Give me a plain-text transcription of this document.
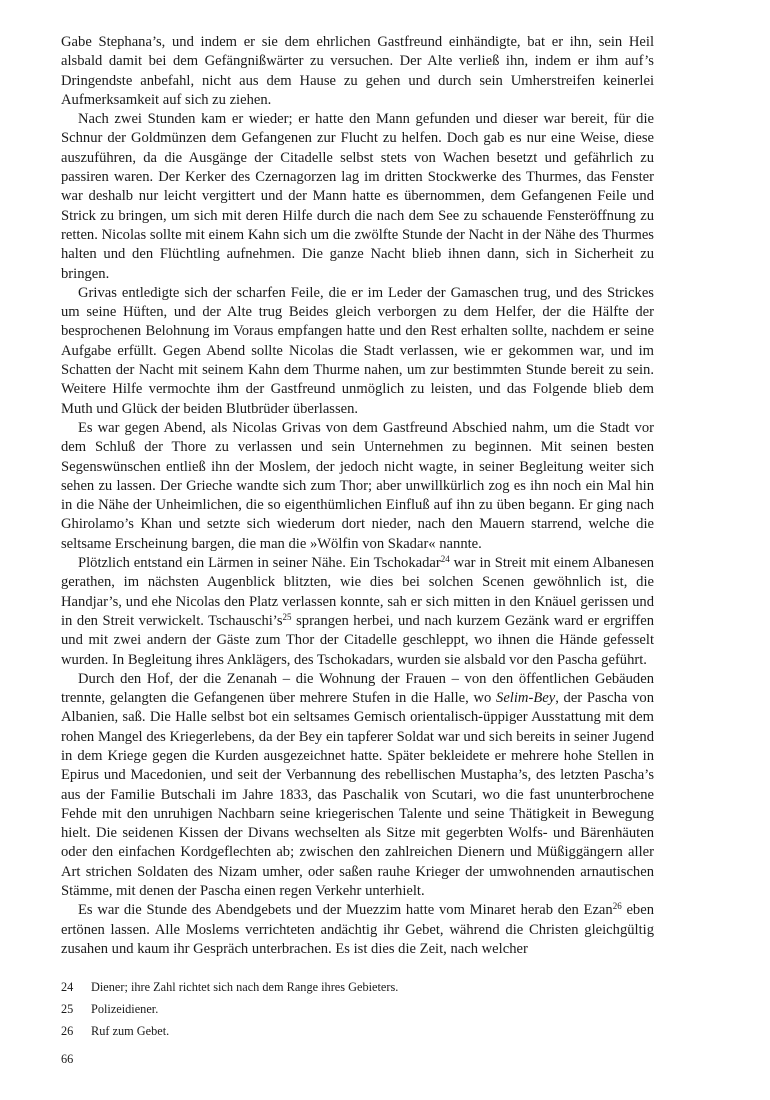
Gabe Stephana’s, und indem er sie dem ehrlichen Gastfreund einhändigte, bat er ihn, sein Heil alsbald damit bei dem Gefängnißwärter zu versuchen. Der Alte verließ ihn, indem er ihm auf’s Dringendste anbefahl, nicht aus dem Hause zu gehen und durch sein Umherstreifen keinerlei Aufmerksamkeit auf sich zu ziehen.

Nach zwei Stunden kam er wieder; er hatte den Mann gefunden und dieser war bereit, für die Schnur der Goldmünzen dem Gefangenen zur Flucht zu helfen. Doch gab es nur eine Weise, diese auszuführen, da die Ausgänge der Citadelle selbst stets von Wachen besetzt und gefährlich zu passiren waren. Der Kerker des Czernagorzen lag im dritten Stockwerke des Thurmes, das Fenster war deshalb nur leicht vergittert und der Mann hatte es übernommen, dem Gefangenen Feile und Strick zu bringen, um sich mit deren Hilfe durch die nach dem See zu schauende Fensteröffnung zu retten. Nicolas sollte mit einem Kahn sich um die zwölfte Stunde der Nacht in der Nähe des Thurmes halten und den Flüchtling aufnehmen. Die ganze Nacht blieb ihnen dann, sich in Sicherheit zu bringen.

Grivas entledigte sich der scharfen Feile, die er im Leder der Gamaschen trug, und des Strickes um seine Hüften, und der Alte trug Beides gleich verborgen zu dem Helfer, der die Hälfte der besprochenen Belohnung im Voraus empfangen hatte und den Rest erhalten sollte, nachdem er seine Aufgabe erfüllt. Gegen Abend sollte Nicolas die Stadt verlassen, wie er gekommen war, und im Schatten der Nacht mit seinem Kahn dem Thurme nahen, um zur bestimmten Stunde bereit zu sein. Weitere Hilfe vermochte ihm der Gastfreund unmöglich zu leisten, und das Folgende blieb dem Muth und Glück der beiden Blutbrüder überlassen.

Es war gegen Abend, als Nicolas Grivas von dem Gastfreund Abschied nahm, um die Stadt vor dem Schluß der Thore zu verlassen und sein Unternehmen zu beginnen. Mit seinen besten Segenswünschen entließ ihn der Moslem, der jedoch nicht wagte, in seiner Begleitung weiter sich sehen zu lassen. Der Grieche wandte sich zum Thor; aber unwillkürlich zog es ihn noch ein Mal hin in die Nähe der Unheimlichen, die so eigenthümlichen Einfluß auf ihn zu üben begann. Er ging nach Ghirolamo’s Khan und setzte sich wiederum dort nieder, nach den Mauern starrend, welche die seltsame Erscheinung bargen, die man die »Wölfin von Skadar« nannte.

Plötzlich entstand ein Lärmen in seiner Nähe. Ein Tschokadar$^{24}$ war in Streit mit einem Albanesen gerathen, im nächsten Augenblick blitzten, wie dies bei solchen Scenen gewöhnlich ist, die Handjar’s, und ehe Nicolas den Platz verlassen konnte, sah er sich mitten in den Knäuel gerissen und in den Streit verwickelt. $Tschauschi’s^{25}$ sprangen herbei, und nach kurzem Gezänk ward er ergriffen und mit zwei andern der Gäste zum Thor der Citadelle geschleppt, wo ihnen die Hände gefesselt wurden. In Begleitung ihres Anklägers, des Tschokadars, wurden sie alsbald vor den Pascha geführt.

Durch den Hof, der die Zenanah – die Wohnung der Frauen – von den öffentlichen Gebäuden trennte, gelangten die Gefangenen über mehrere Stufen in die Halle, wo Selim-Bey, der Pascha von Albanien, saß. Die Halle selbst bot ein seltsames Gemisch orientalisch-üppiger Ausstattung mit dem rohen Mangel des Kriegerlebens, da der Bey ein tapferer Soldat war und sich bereits in seiner Jugend in dem Kriege gegen die Kurden ausgezeichnet hatte. Später bekleidete er mehrere hohe Stellen in Epirus und Macedonien, und seit der Verbannung des rebellischen Mustapha’s, des letzten Pascha’s aus der Familie Butschali im Jahre 1833, das Paschalik von Scutari, wo die fast ununterbrochene Fehde mit den unruhigen Nachbarn seine kriegerischen Talente und seine Thätigkeit in Bewegung hielt. Die seidenen Kissen der Divans wechselten als Sitze mit gegerbten Wolfs- und Bärenhäuten oder den einfachen Kordgeflechten ab; zwischen den zahlreichen Dienern und Müßiggängern aller Art strichen Soldaten des Nizam umher, oder saßen rauhe Krieger der umwohnenden arnautischen Stämme, mit denen der Pascha einen regen Verkehr unterhielt.

Es war die Stunde des Abendgebets und der Muezzim hatte vom Minaret herab den Ezan$^{26}$ eben ertönen lassen. Alle Moslems verrichteten andächtig ihr Gebet, während die Christen gleichgültig zusahen und kaum ihr Gespräch unterbrachen. Es ist dies die Zeit, nach welcher

24	Diener; ihre Zahl richtet sich nach dem Range ihres Gebieters.
25	Polizeidiener.
26	Ruf zum Gebet.
66
